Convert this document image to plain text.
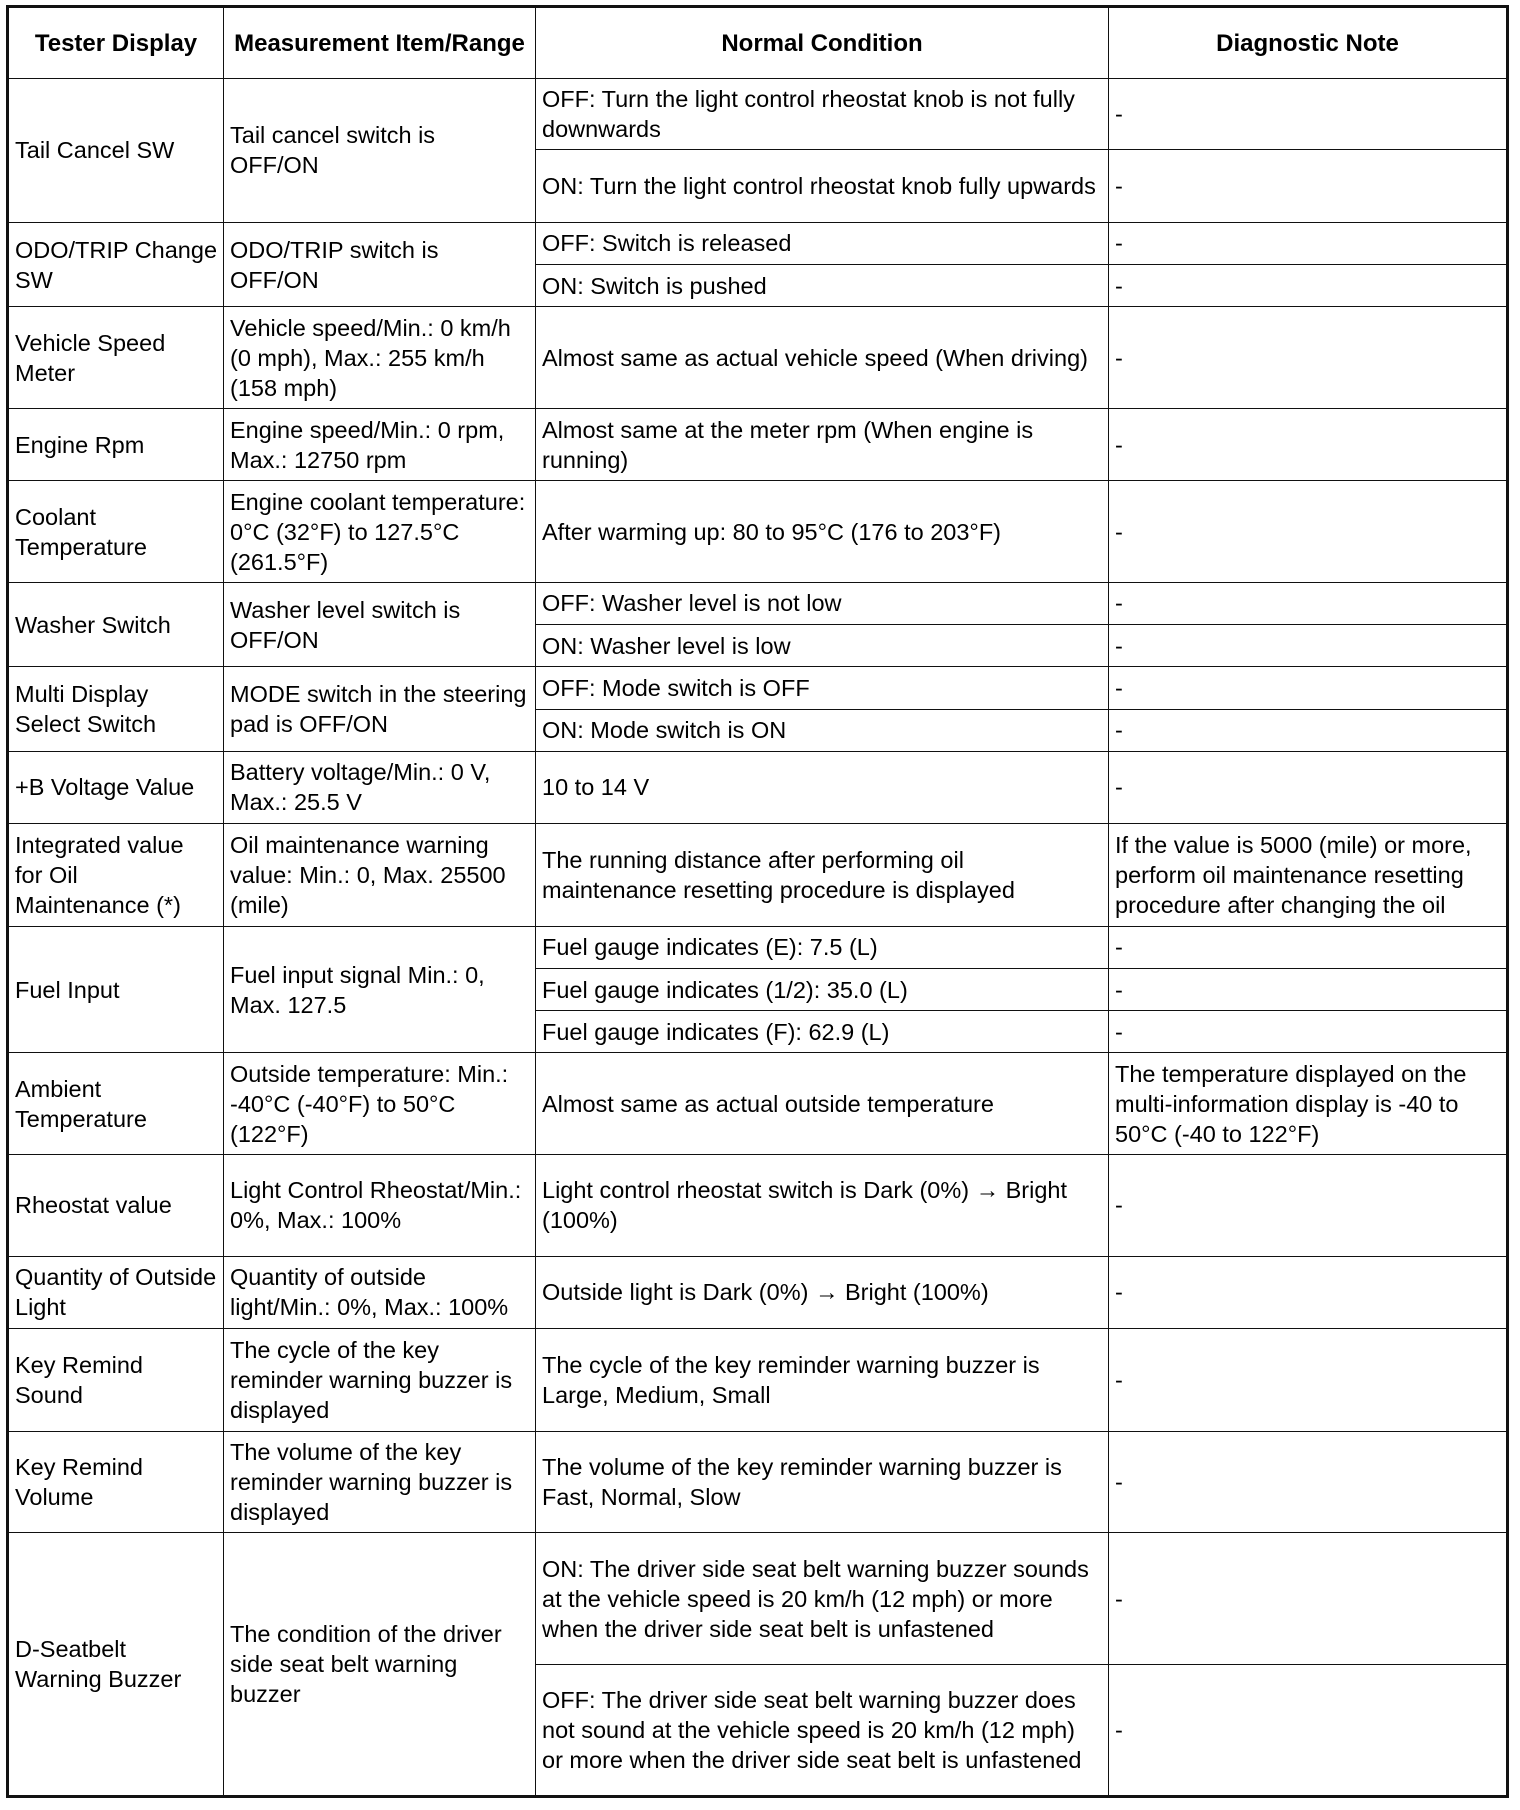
Tester Display	Measurement Item/Range	Normal Condition	Diagnostic Note
Tail Cancel SW	Tail cancel switch is OFF/ON	OFF: Turn the light control rheostat knob is not fully downwards	-
		ON: Turn the light control rheostat knob fully upwards	-
ODO/TRIP Change SW	ODO/TRIP switch is OFF/ON	OFF: Switch is released	-
		ON: Switch is pushed	-
Vehicle Speed Meter	Vehicle speed/Min.: 0 km/h (0 mph), Max.: 255 km/h (158 mph)	Almost same as actual vehicle speed (When driving)	-
Engine Rpm	Engine speed/Min.: 0 rpm, Max.: 12750 rpm	Almost same at the meter rpm (When engine is running)	-
Coolant Temperature	Engine coolant temperature: 0°C (32°F) to 127.5°C (261.5°F)	After warming up: 80 to 95°C (176 to 203°F)	-
Washer Switch	Washer level switch is OFF/ON	OFF: Washer level is not low	-
		ON: Washer level is low	-
Multi Display Select Switch	MODE switch in the steering pad is OFF/ON	OFF: Mode switch is OFF	-
		ON: Mode switch is ON	-
+B Voltage Value	Battery voltage/Min.: 0 V, Max.: 25.5 V	10 to 14 V	-
Integrated value for Oil Maintenance (*)	Oil maintenance warning value: Min.: 0, Max. 25500 (mile)	The running distance after performing oil maintenance resetting procedure is displayed	If the value is 5000 (mile) or more, perform oil maintenance resetting procedure after changing the oil
Fuel Input	Fuel input signal Min.: 0, Max. 127.5	Fuel gauge indicates (E): 7.5 (L)	-
		Fuel gauge indicates (1/2): 35.0 (L)	-
		Fuel gauge indicates (F): 62.9 (L)	-
Ambient Temperature	Outside temperature: Min.: -40°C (-40°F) to 50°C (122°F)	Almost same as actual outside temperature	The temperature displayed on the multi-information display is -40 to 50°C (-40 to 122°F)
Rheostat value	Light Control Rheostat/Min.: 0%, Max.: 100%	Light control rheostat switch is Dark (0%) → Bright (100%)	-
Quantity of Outside Light	Quantity of outside light/Min.: 0%, Max.: 100%	Outside light is Dark (0%) → Bright (100%)	-
Key Remind Sound	The cycle of the key reminder warning buzzer is displayed	The cycle of the key reminder warning buzzer is Large, Medium, Small	-
Key Remind Volume	The volume of the key reminder warning buzzer is displayed	The volume of the key reminder warning buzzer is Fast, Normal, Slow	-
D-Seatbelt Warning Buzzer	The condition of the driver side seat belt warning buzzer	ON: The driver side seat belt warning buzzer sounds at the vehicle speed is 20 km/h (12 mph) or more when the driver side seat belt is unfastened	-
		OFF: The driver side seat belt warning buzzer does not sound at the vehicle speed is 20 km/h (12 mph) or more when the driver side seat belt is unfastened	-
